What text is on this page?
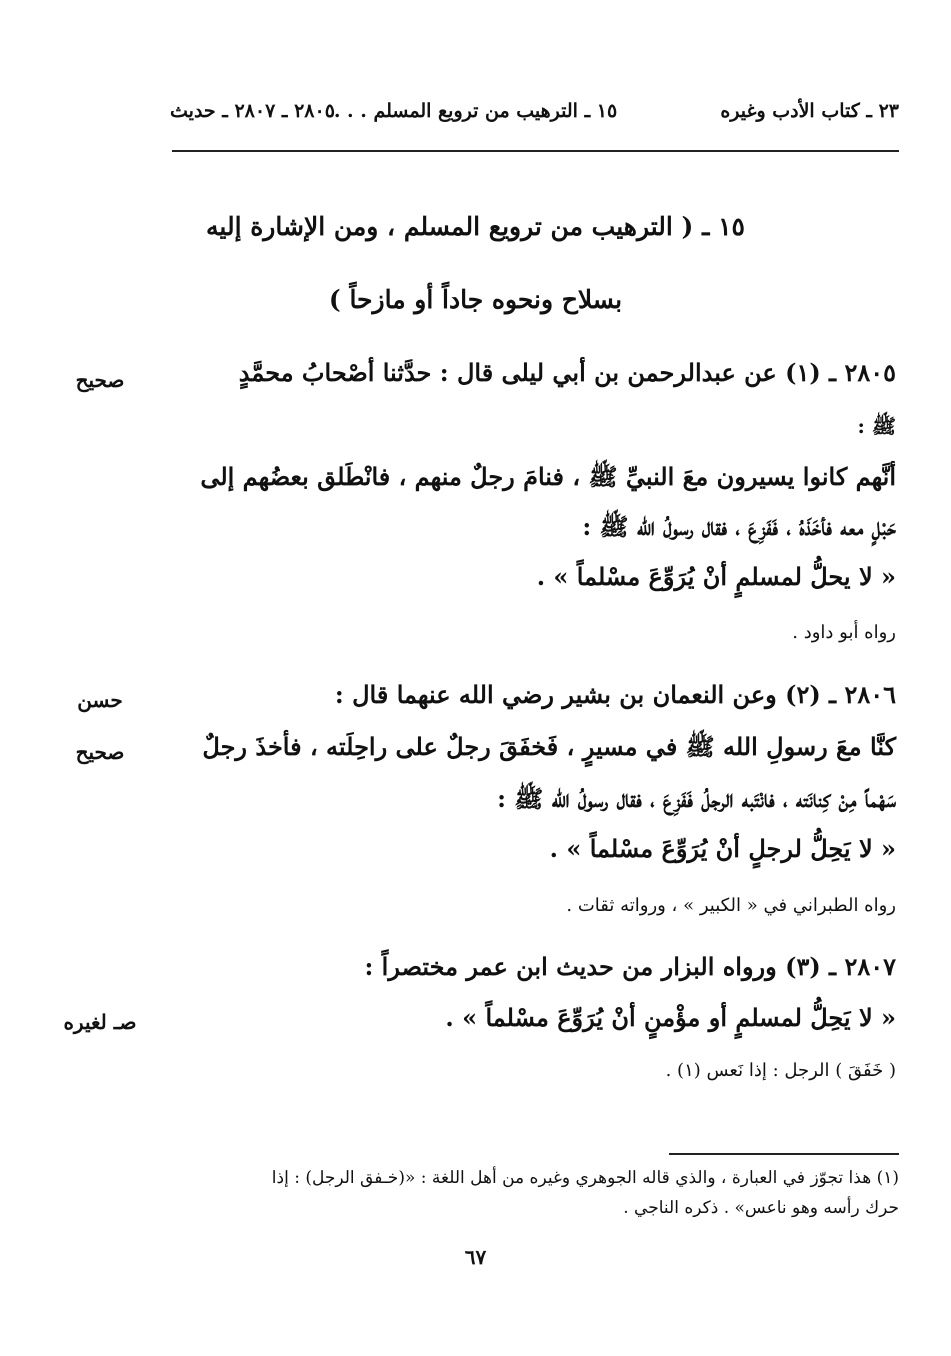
٢٣ ـ كتاب الأدب وغيره
١٥ ـ الترهيب من ترويع المسلم . . .
٢٨٠٥ ـ ٢٨٠٧ ـ حديث
١٥ ـ ( الترهيب من ترويع المسلم ، ومن الإشارة إليه
بسلاح ونحوه جاداً أو مازحاً )
صحيح	٢٨٠٥ ـ (١) عن عبدالرحمن بن أبي ليلى قال : حدَّثنا أصْحابُ محمَّدٍ
ﷺ :
أنَّهم كانوا يسيرون معَ النبيِّ ﷺ ، فنامَ رجلٌ منهم ، فانْطَلق بعضُهم إلى
حَبْلٍ معه فأخَذَهُ ، فَفَزِعَ ، فقال رسولُ الله ﷺ :
« لا يحلُّ لمسلمٍ أنْ يُرَوِّعَ مسْلماً » .
رواه أبو داود .
حسن
صحيح
٢٨٠٦ ـ (٢) وعن النعمان بن بشير رضي الله عنهما قال :
كنَّا معَ رسولِ الله ﷺ في مسيرٍ ، فَخفَقَ رجلٌ على راحِلَته ، فأخذَ رجلٌ
سَهْماً مِنْ كِنانَته ، فانْتَبه الرجلُ فَفَزِعَ ، فقال رسولُ الله ﷺ :
« لا يَحِلُّ لرجلٍ أنْ يُرَوِّعَ مسْلماً » .
رواه الطبراني في « الكبير » ، ورواته ثقات .
٢٨٠٧ ـ (٣) ورواه البزار من حديث ابن عمر مختصراً :
صـ لغيره	« لا يَحِلُّ لمسلمٍ أو مؤْمنٍ أنْ يُرَوِّعَ مسْلماً » .
( خَفَقَ ) الرجل : إذا نَعس (١) .
(١) هذا تجوّز في العبارة ، والذي قاله الجوهري وغيره من أهل اللغة : «(خـفق الرجل) : إذا
حرك رأسه وهو ناعس» . ذكره الناجي .
٦٧
